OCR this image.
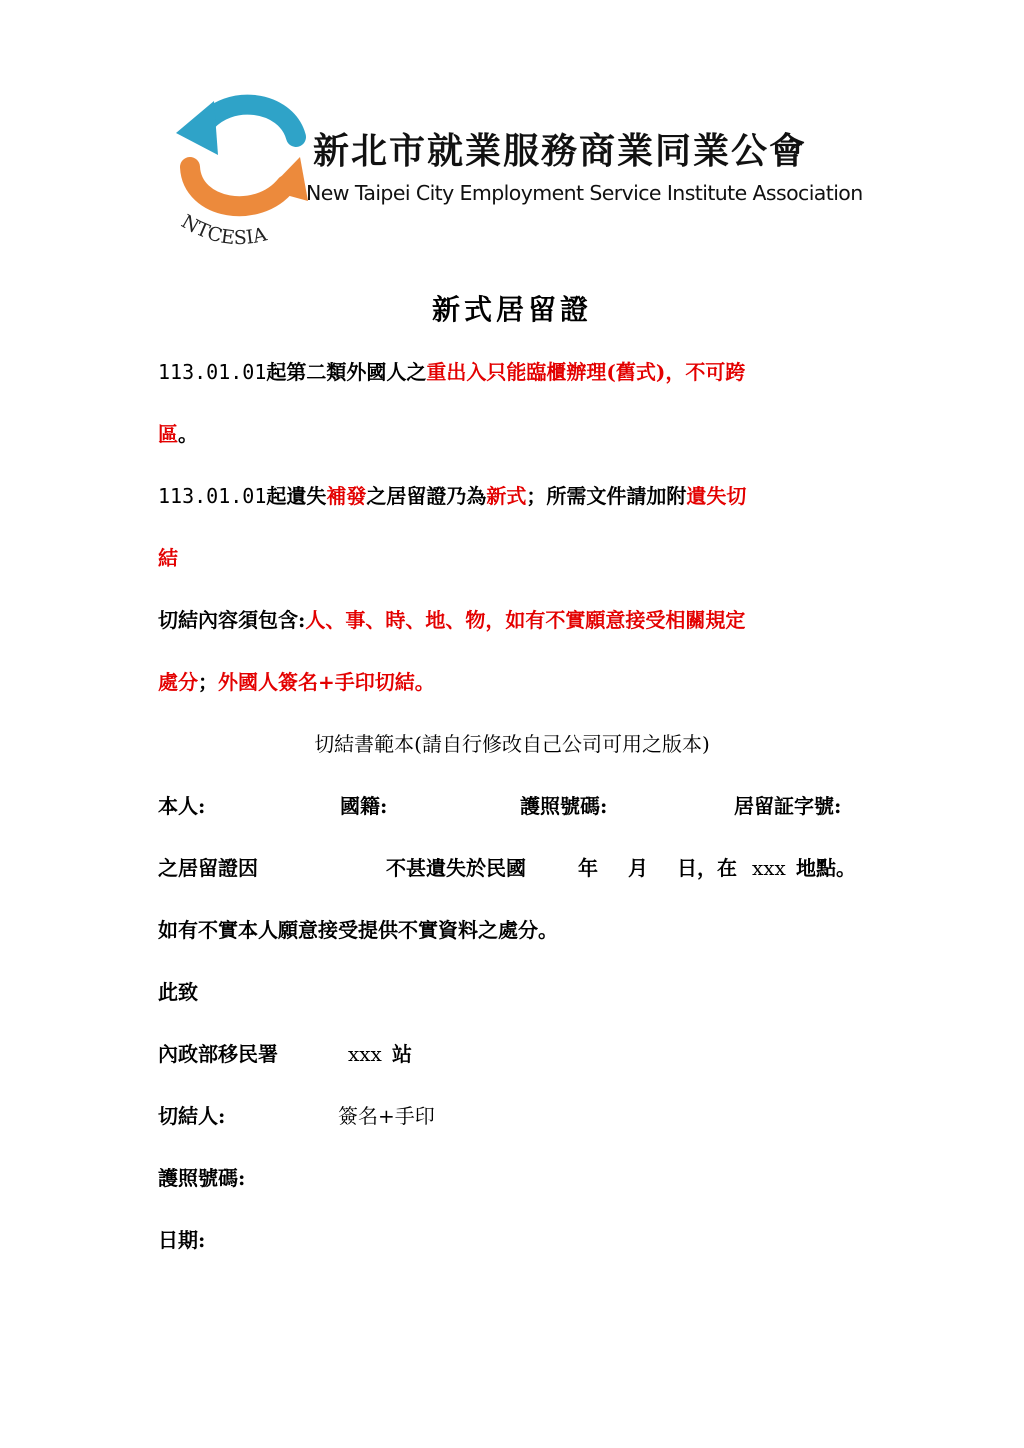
NTCESIA
新北市就業服務商業同業公會
New Taipei City Employment Service Institute Association
新式居留證
113.01.01起第二類外國人之重出入只能臨櫃辦理(舊式)，不可跨
區。
113.01.01起遺失補發之居留證乃為新式；所需文件請加附遺失切
結
切結內容須包含:人、事、時、地、物，如有不實願意接受相關規定
處分；外國人簽名+手印切結。
切結書範本(請自行修改自己公司可用之版本)
本人:	國籍:	護照號碼:	居留証字號:
之居留證因	不甚遺失於民國	年 月 日，在 xxx 地點。
如有不實本人願意接受提供不實資料之處分。
此致
內政部移民署	xxx 站
切結人:	簽名+手印
護照號碼:
日期:
